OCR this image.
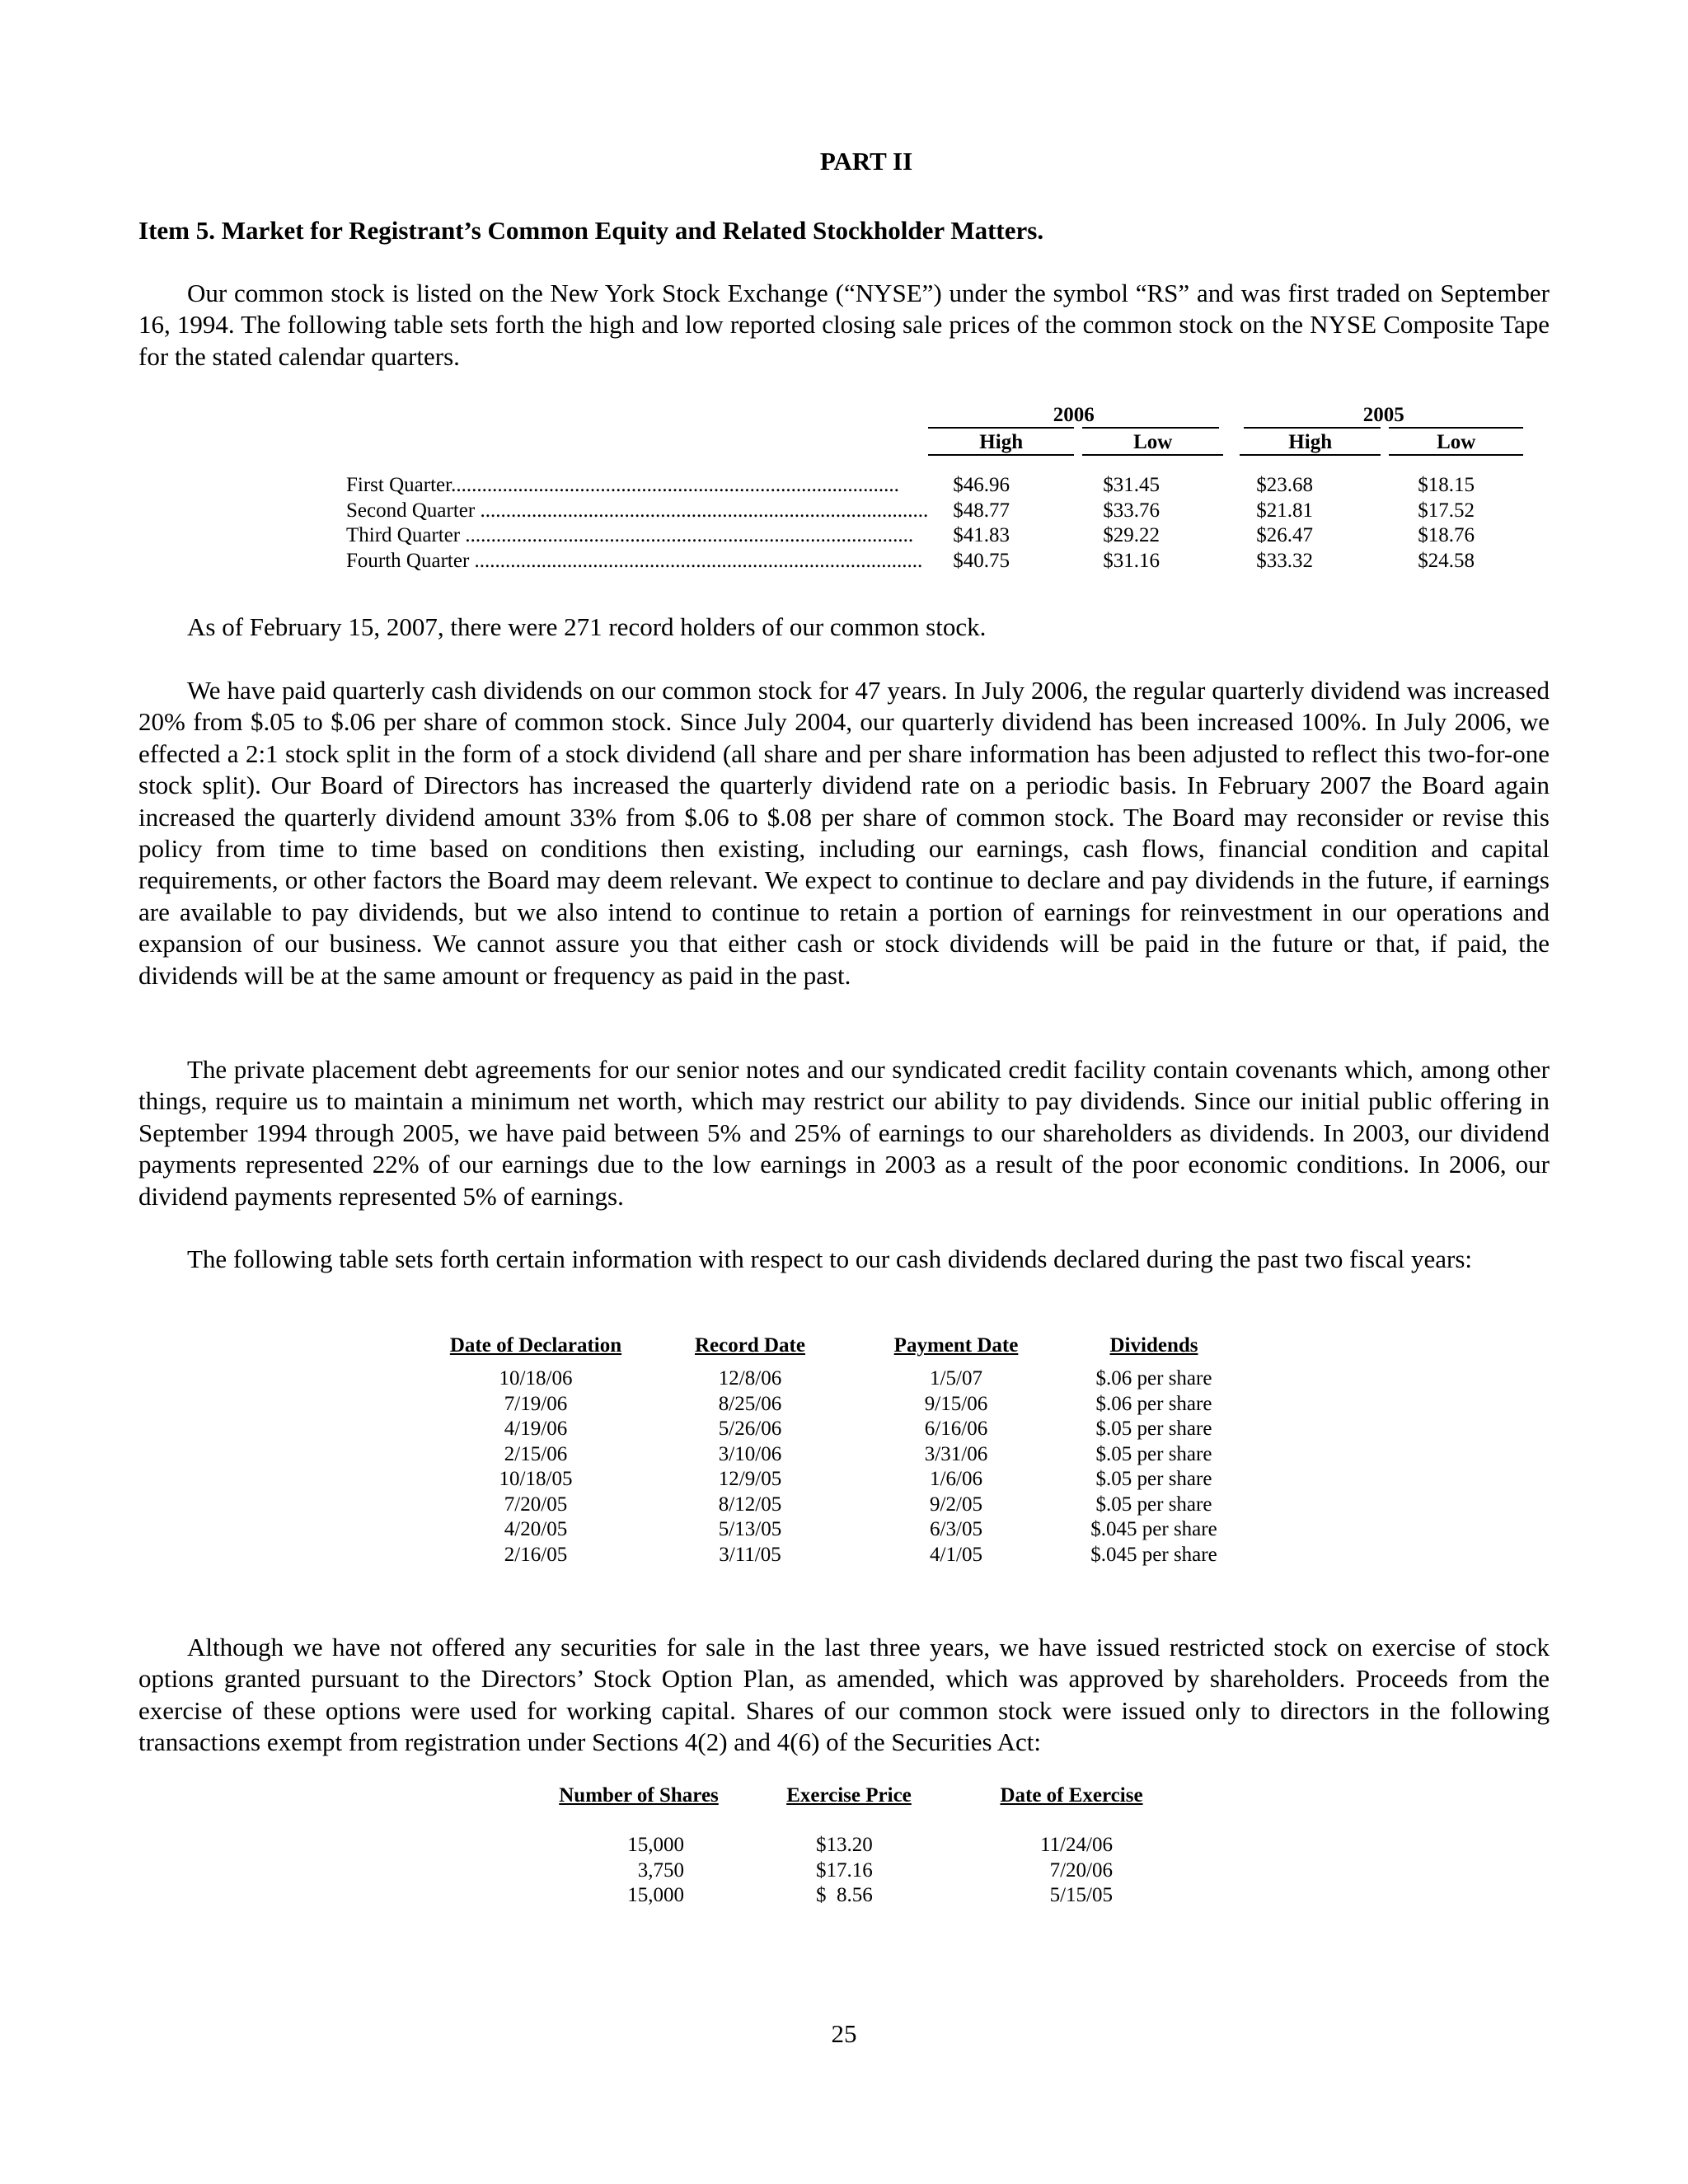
PART II
Item 5. Market for Registrant’s Common Equity and Related Stockholder Matters.

Our common stock is listed on the New York Stock Exchange (“NYSE”) under the symbol “RS” and was first traded on September 16, 1994. The following table sets forth the high and low reported closing sale prices of the common stock on the NYSE Composite Tape for the stated calendar quarters.

	2006		2005	
	High	Low	High	Low

First Quarter.......................................................................................	$46.96	$31.45	$23.68	$18.15
Second Quarter .......................................................................................	$48.77	$33.76	$21.81	$17.52
Third Quarter .......................................................................................	$41.83	$29.22	$26.47	$18.76
Fourth Quarter .......................................................................................	$40.75	$31.16	$33.32	$24.58

As of February 15, 2007, there were 271 record holders of our common stock.

We have paid quarterly cash dividends on our common stock for 47 years. In July 2006, the regular quarterly dividend was increased 20% from $.05 to $.06 per share of common stock. Since July 2004, our quarterly dividend has been increased 100%. In July 2006, we effected a 2:1 stock split in the form of a stock dividend (all share and per share information has been adjusted to reflect this two-for-one stock split). Our Board of Directors has increased the quarterly dividend rate on a periodic basis. In February 2007 the Board again increased the quarterly dividend amount 33% from $.06 to $.08 per share of common stock. The Board may reconsider or revise this policy from time to time based on conditions then existing, including our earnings, cash flows, financial condition and capital requirements, or other factors the Board may deem relevant. We expect to continue to declare and pay dividends in the future, if earnings are available to pay dividends, but we also intend to continue to retain a portion of earnings for reinvestment in our operations and expansion of our business. We cannot assure you that either cash or stock dividends will be paid in the future or that, if paid, the dividends will be at the same amount or frequency as paid in the past.

The private placement debt agreements for our senior notes and our syndicated credit facility contain covenants which, among other things, require us to maintain a minimum net worth, which may restrict our ability to pay dividends. Since our initial public offering in September 1994 through 2005, we have paid between 5% and 25% of earnings to our shareholders as dividends. In 2003, our dividend payments represented 22% of our earnings due to the low earnings in 2003 as a result of the poor economic conditions. In 2006, our dividend payments represented 5% of earnings.

The following table sets forth certain information with respect to our cash dividends declared during the past two fiscal years:

Date of Declaration	Record Date	Payment Date	Dividends
10/18/06	12/8/06	1/5/07	$.06 per share
7/19/06	8/25/06	9/15/06	$.06 per share
4/19/06	5/26/06	6/16/06	$.05 per share
2/15/06	3/10/06	3/31/06	$.05 per share
10/18/05	12/9/05	1/6/06	$.05 per share
7/20/05	8/12/05	9/2/05	$.05 per share
4/20/05	5/13/05	6/3/05	$.045 per share
2/16/05	3/11/05	4/1/05	$.045 per share

Although we have not offered any securities for sale in the last three years, we have issued restricted stock on exercise of stock options granted pursuant to the Directors’ Stock Option Plan, as amended, which was approved by shareholders. Proceeds from the exercise of these options were used for working capital. Shares of our common stock were issued only to directors in the following transactions exempt from registration under Sections 4(2) and 4(6) of the Securities Act:

Number of Shares	Exercise Price	Date of Exercise
15,000	$13.20	11/24/06
3,750	$17.16	7/20/06
15,000	$  8.56	5/15/05
25
